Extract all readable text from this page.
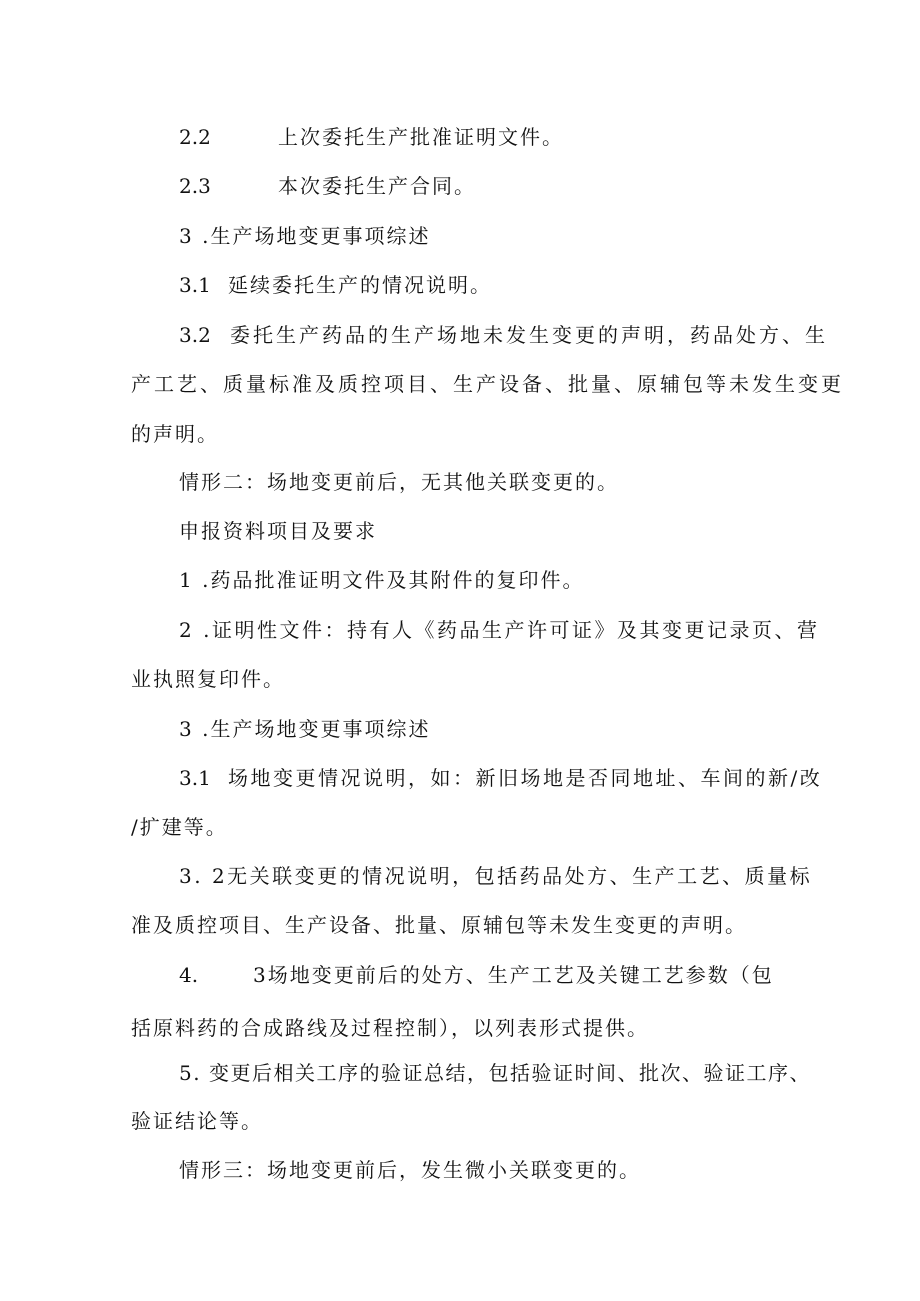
2.2	上次委托生产批准证明文件。
2.3	本次委托生产合同。
3 .生产场地变更事项综述
3.1 延续委托生产的情况说明。
3.2 委托生产药品的生产场地未发生变更的声明，药品处方、生
产工艺、质量标准及质控项目、生产设备、批量、原辅包等未发生变更
的声明。
情形二：场地变更前后，无其他关联变更的。
申报资料项目及要求
1 .药品批准证明文件及其附件的复印件。
2 .证明性文件：持有人《药品生产许可证》及其变更记录页、营
业执照复印件。
3 .生产场地变更事项综述
3.1 场地变更情况说明，如：新旧场地是否同地址、车间的新/改
/扩建等。
3. 2无关联变更的情况说明，包括药品处方、生产工艺、质量标
准及质控项目、生产设备、批量、原辅包等未发生变更的声明。
4.	3场地变更前后的处方、生产工艺及关键工艺参数（包
括原料药的合成路线及过程控制），以列表形式提供。
5. 变更后相关工序的验证总结，包括验证时间、批次、验证工序、
验证结论等。
情形三：场地变更前后，发生微小关联变更的。
